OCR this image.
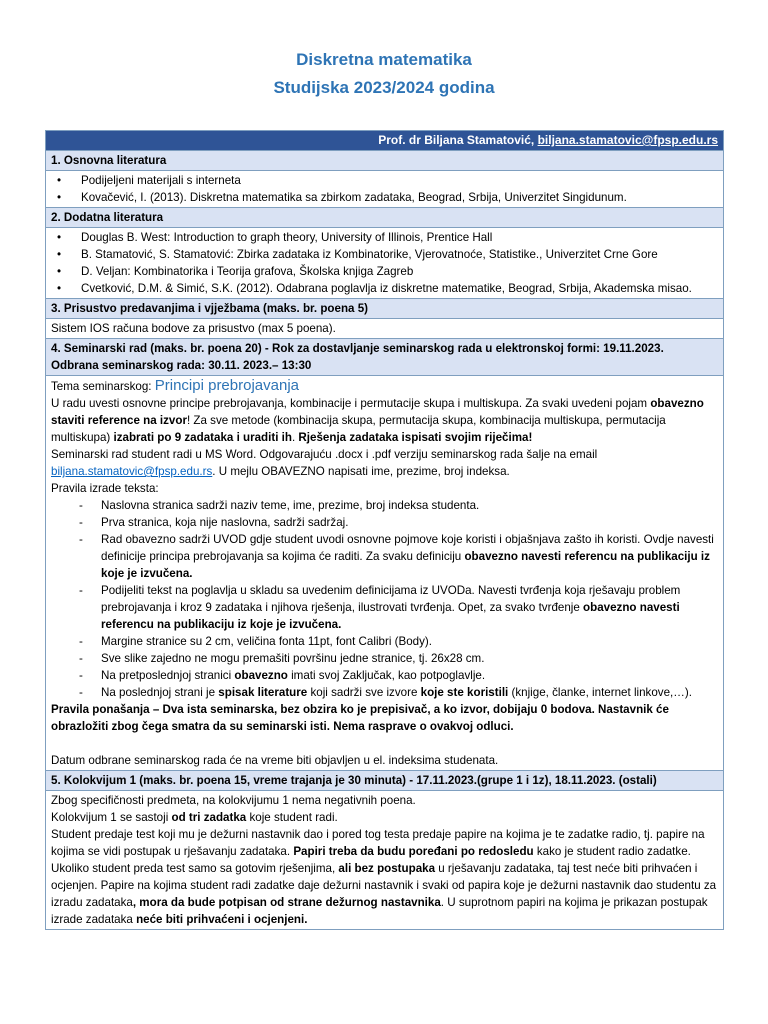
Diskretna matematika
Studijska 2023/2024 godina
Prof. dr Biljana Stamatović, biljana.stamatovic@fpsp.edu.rs
1. Osnovna literatura

• Podijeljeni materijali s interneta
• Kovačević, I. (2013). Diskretna matematika sa zbirkom zadataka, Beograd, Srbija, Univerzitet Singidunum.

2. Dodatna literatura

• Douglas B. West: Introduction to graph theory, University of Illinois, Prentice Hall
• B. Stamatović, S. Stamatović: Zbirka zadataka iz Kombinatorike, Vjerovatnoće, Statistike., Univerzitet Crne Gore
• D. Veljan: Kombinatorika i Teorija grafova, Školska knjiga Zagreb
• Cvetković, D.M. & Simić, S.K. (2012). Odabrana poglavlja iz diskretne matematike, Beograd, Srbija, Akademska misao.

3. Prisustvo predavanjima i vjježbama (maks. br. poena 5)
Sistem IOS računa bodove za prisustvo (max 5 poena).

4. Seminarski rad (maks. br. poena 20) - Rok za dostavljanje seminarskog rada u elektronskoj formi: 19.11.2023.
Odbrana seminarskog rada: 30.11. 2023.– 13:30

Tema seminarskog: Principi prebrojavanja

U radu uvesti osnovne principe prebrojavanja, kombinacije i permutacije skupa i multiskupa. Za svaki uvedeni pojam obavezno staviti reference na izvor! Za sve metode (kombinacija skupa, permutacija skupa, kombinacija multiskupa, permutacija multiskupa) izabrati po 9 zadataka i uraditi ih. Rješenja zadataka ispisati svojim riječima!

Seminarski rad student radi u MS Word. Odgovarajuću .docx i .pdf verziju seminarskog rada šalje na email

biljana.stamatovic@fpsp.edu.rs. U mejlu OBAVEZNO napisati ime, prezime, broj indeksa.

Pravila izrade teksta:

- Naslovna stranica sadrži naziv teme, ime, prezime, broj indeksa studenta.
- Prva stranica, koja nije naslovna, sadrži sadržaj.
- Rad obavezno sadrži UVOD gdje student uvodi osnovne pojmove koje koristi i objašnjava zašto ih koristi. Ovdje navesti definicije principa prebrojavanja sa kojima će raditi. Za svaku definiciju obavezno navesti referencu na publikaciju iz koje je izvučena.
- Podijeliti tekst na poglavlja u skladu sa uvedenim definicijama iz UVODa. Navesti tvrđenja koja rješavaju problem prebrojavanja i kroz 9 zadataka i njihova rješenja, ilustrovati tvrđenja. Opet, za svako tvrđenje obavezno navesti referencu na publikaciju iz koje je izvučena.
- Margine stranice su 2 cm, veličina fonta 11pt, font Calibri (Body).
- Sve slike zajedno ne mogu premašiti površinu jedne stranice, tj. 26x28 cm.
- Na pretposlednjoj stranici obavezno imati svoj Zaključak, kao potpoglavlje.
- Na poslednjoj strani je spisak literature koji sadrži sve izvore koje ste koristili (knjige, članke, internet linkove,…).

Pravila ponašanja – Dva ista seminarska, bez obzira ko je prepisivač, a ko izvor, dobijaju 0 bodova. Nastavnik će obrazložiti zbog čega smatra da su seminarski isti. Nema rasprave o ovakvoj odluci.

Datum odbrane seminarskog rada će na vreme biti objavljen u el. indeksima studenata.

5. Kolokvijum 1 (maks. br. poena 15, vreme trajanja je 30 minuta) - 17.11.2023.(grupe 1 i 1z), 18.11.2023. (ostali)

Zbog specifičnosti predmeta, na kolokvijumu 1 nema negativnih poena.

Kolokvijum 1 se sastoji od tri zadatka koje student radi.

Student predaje test koji mu je dežurni nastavnik dao i pored tog testa predaje papire na kojima je te zadatke radio, tj. papire na kojima se vidi postupak u rješavanju zadataka. Papiri treba da budu poređani po redosledu kako je student radio zadatke. Ukoliko student preda test samo sa gotovim rješenjima, ali bez postupaka u rješavanju zadataka, taj test neće biti prihvaćen i ocjenjen. Papire na kojima student radi zadatke daje dežurni nastavnik i svaki od papira koje je dežurni nastavnik dao studentu za izradu zadataka, mora da bude potpisan od strane dežurnog nastavnika. U suprotnom papiri na kojima je prikazan postupak izrade zadataka neće biti prihvaćeni i ocjenjeni.
